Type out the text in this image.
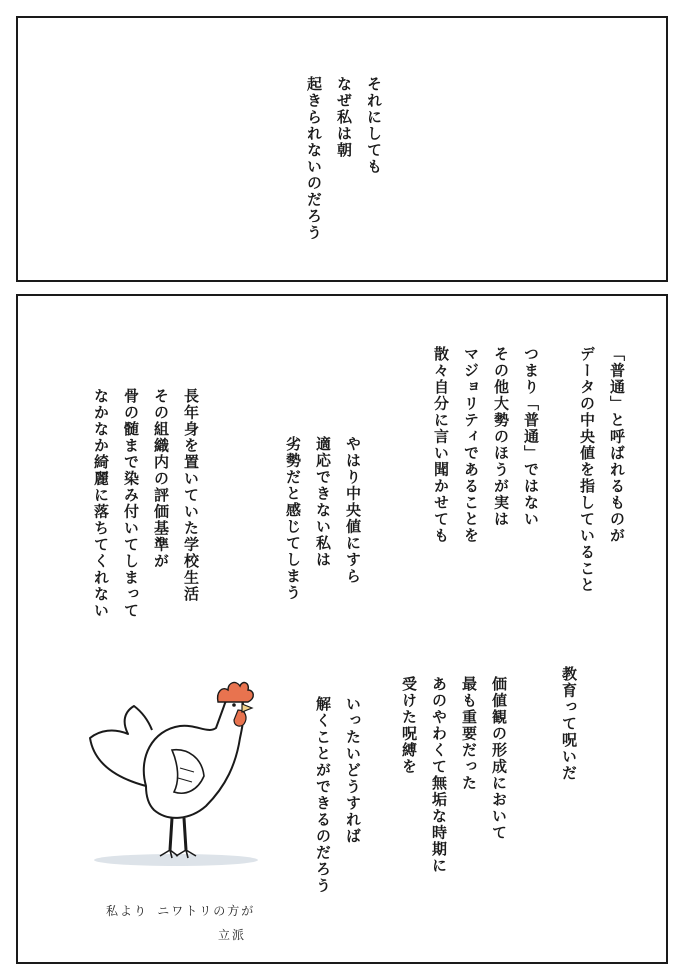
それにしても
なぜ私は朝
起きられないのだろう
「普通」と呼ばれるものが
データの中央値を指していること
つまり「普通」ではない
その他大勢のほうが実は
マジョリティであることを
散々自分に言い聞かせても
やはり中央値にすら
適応できない私は
劣勢だと感じてしまう
長年身を置いていた学校生活
その組織内の評価基準が
骨の髄まで染み付いてしまって
なかなか綺麗に落ちてくれない
教育って呪いだ
価値観の形成において
最も重要だった
あのやわくて無垢な時期に
受けた呪縛を
いったいどうすれば
解くことができるのだろう
私より ニワトリの方が
立派
